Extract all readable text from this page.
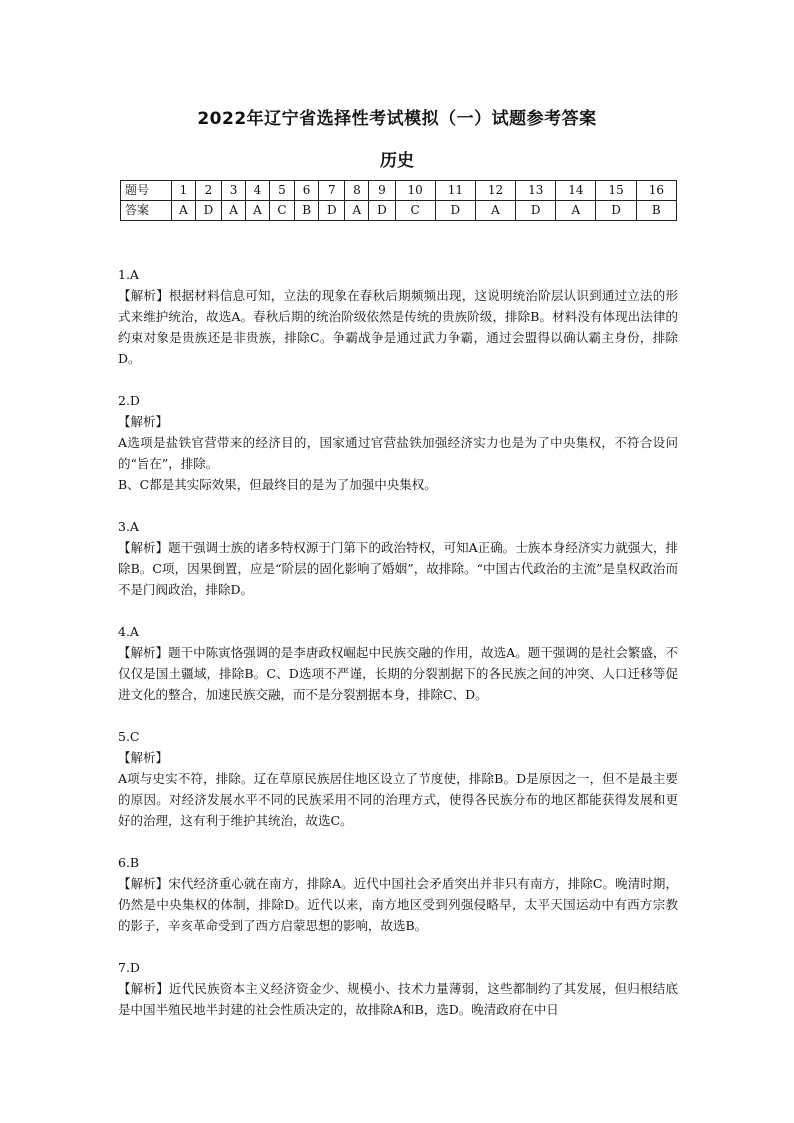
2022年辽宁省选择性考试模拟（一）试题参考答案
历史
题号	1	2	3	4	5	6	7	8	9	10	11	12	13	14	15	16
答案	A	D	A	A	C	B	D	A	D	C	D	A	D	A	D	B

1.A

【解析】根据材料信息可知，立法的现象在春秋后期频频出现，这说明统治阶层认识到通过立法的形式来维护统治，故选A。春秋后期的统治阶级依然是传统的贵族阶级，排除B。材料没有体现出法律的约束对象是贵族还是非贵族，排除C。争霸战争是通过武力争霸，通过会盟得以确认霸主身份，排除D。

2.D

【解析】

A选项是盐铁官营带来的经济目的，国家通过官营盐铁加强经济实力也是为了中央集权，不符合设问的“旨在”，排除。

B、C都是其实际效果，但最终目的是为了加强中央集权。

3.A

【解析】题干强调士族的诸多特权源于门第下的政治特权，可知A正确。士族本身经济实力就强大，排除B。C项，因果倒置，应是“阶层的固化影响了婚姻”，故排除。“中国古代政治的主流”是皇权政治而不是门阀政治，排除D。

4.A

【解析】题干中陈寅恪强调的是李唐政权崛起中民族交融的作用，故选A。题干强调的是社会繁盛，不仅仅是国土疆域，排除B。C、D选项不严谨，长期的分裂割据下的各民族之间的冲突、人口迁移等促进文化的整合，加速民族交融，而不是分裂割据本身，排除C、D。

5.C

【解析】

A项与史实不符，排除。辽在草原民族居住地区设立了节度使，排除B。D是原因之一，但不是最主要的原因。对经济发展水平不同的民族采用不同的治理方式，使得各民族分布的地区都能获得发展和更好的治理，这有利于维护其统治，故选C。

6.B

【解析】宋代经济重心就在南方，排除A。近代中国社会矛盾突出并非只有南方，排除C。晚清时期，仍然是中央集权的体制，排除D。近代以来，南方地区受到列强侵略早，太平天国运动中有西方宗教的影子，辛亥革命受到了西方启蒙思想的影响，故选B。

7.D

【解析】近代民族资本主义经济资金少、规模小、技术力量薄弱，这些都制约了其发展，但归根结底是中国半殖民地半封建的社会性质决定的，故排除A和B，选D。晚清政府在中日
